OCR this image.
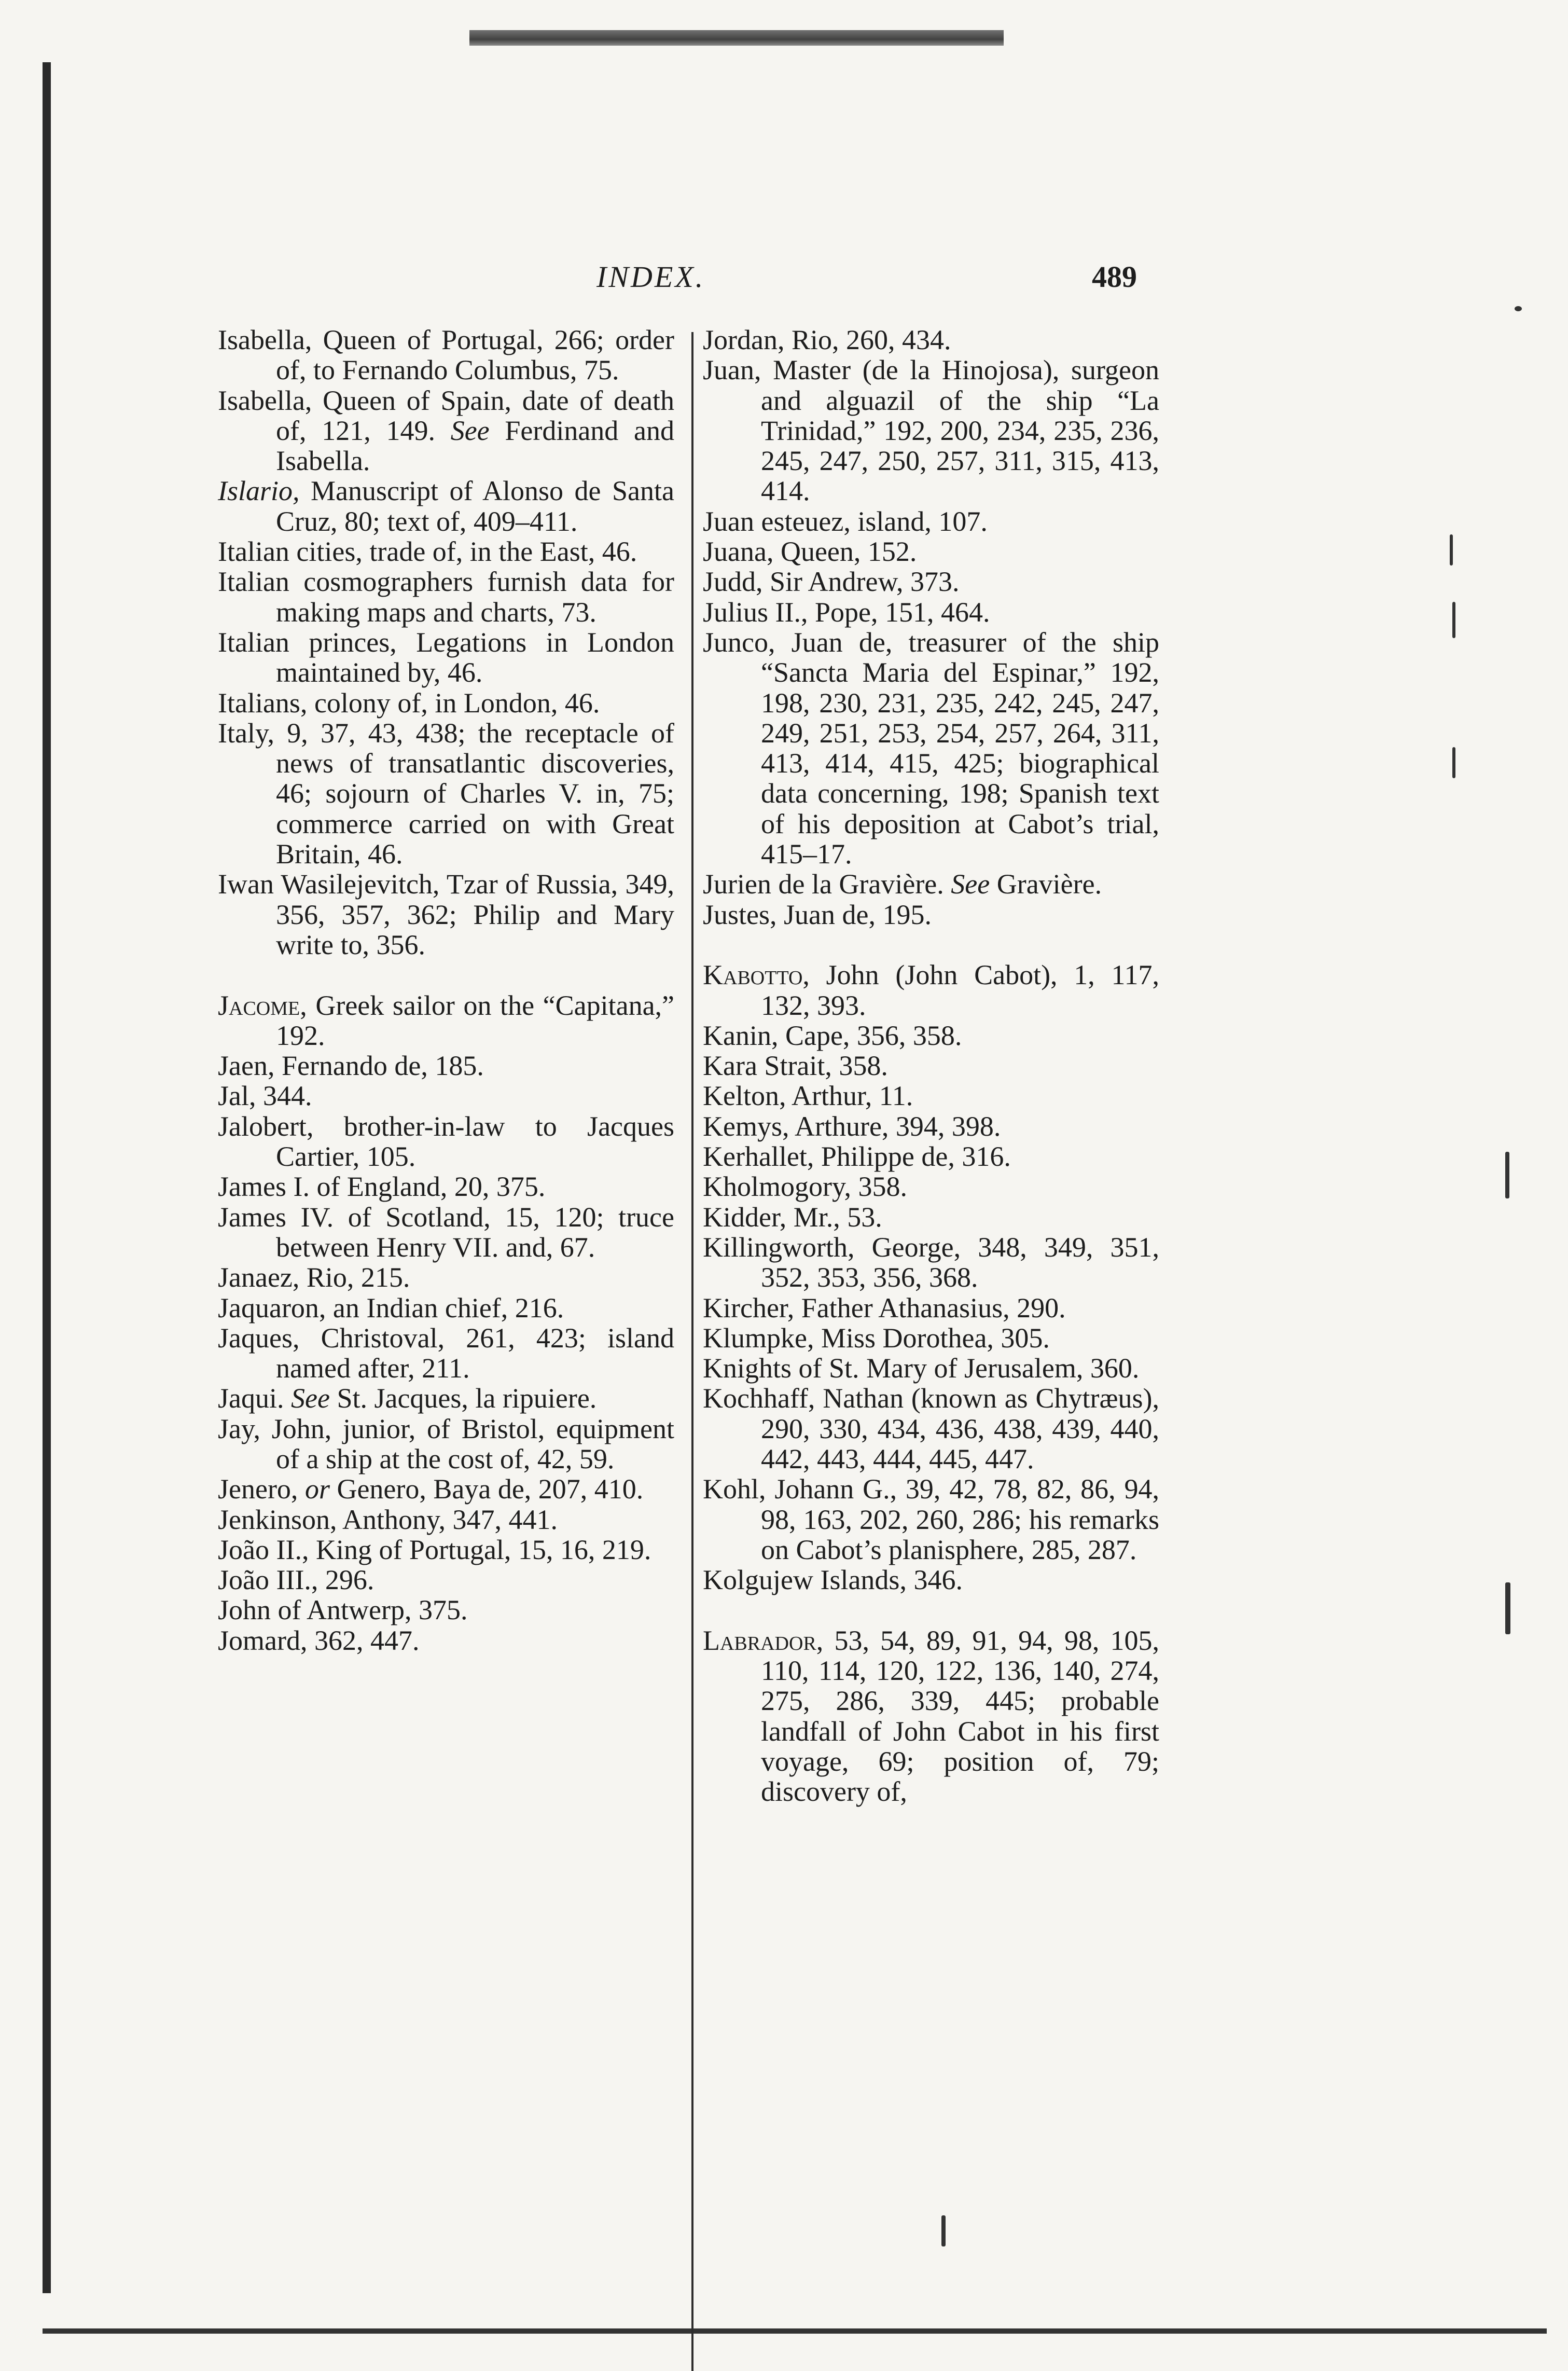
INDEX.	489

Isabella, Queen of Portugal, 266; order of, to Fernando Columbus, 75.

Isabella, Queen of Spain, date of death of, 121, 149. See Ferdinand and Isabella.

Islario, Manuscript of Alonso de Santa Cruz, 80; text of, 409–411.

Italian cities, trade of, in the East, 46.

Italian cosmographers furnish data for making maps and charts, 73.

Italian princes, Legations in London maintained by, 46.

Italians, colony of, in London, 46.

Italy, 9, 37, 43, 438; the receptacle of news of transatlantic discoveries, 46; sojourn of Charles V. in, 75; commerce carried on with Great Britain, 46.

Iwan Wasilejevitch, Tzar of Russia, 349, 356, 357, 362; Philip and Mary write to, 356.

Jacome, Greek sailor on the “Capitana,” 192.

Jaen, Fernando de, 185.

Jal, 344.

Jalobert, brother-in-law to Jacques Cartier, 105.

James I. of England, 20, 375.

James IV. of Scotland, 15, 120; truce between Henry VII. and, 67.

Janaez, Rio, 215.

Jaquaron, an Indian chief, 216.

Jaques, Christoval, 261, 423; island named after, 211.

Jaqui. See St. Jacques, la ripuiere.

Jay, John, junior, of Bristol, equipment of a ship at the cost of, 42, 59.

Jenero, or Genero, Baya de, 207, 410.

Jenkinson, Anthony, 347, 441.

João II., King of Portugal, 15, 16, 219.

João III., 296.

John of Antwerp, 375.

Jomard, 362, 447.

Jordan, Rio, 260, 434.

Juan, Master (de la Hinojosa), surgeon and alguazil of the ship “La Trinidad,” 192, 200, 234, 235, 236, 245, 247, 250, 257, 311, 315, 413, 414.

Juan esteuez, island, 107.

Juana, Queen, 152.

Judd, Sir Andrew, 373.

Julius II., Pope, 151, 464.

Junco, Juan de, treasurer of the ship “Sancta Maria del Espinar,” 192, 198, 230, 231, 235, 242, 245, 247, 249, 251, 253, 254, 257, 264, 311, 413, 414, 415, 425; biographical data concerning, 198; Spanish text of his deposition at Cabot’s trial, 415–17.

Jurien de la Gravière. See Gravière.

Justes, Juan de, 195.

Kabotto, John (John Cabot), 1, 117, 132, 393.

Kanin, Cape, 356, 358.

Kara Strait, 358.

Kelton, Arthur, 11.

Kemys, Arthure, 394, 398.

Kerhallet, Philippe de, 316.

Kholmogory, 358.

Kidder, Mr., 53.

Killingworth, George, 348, 349, 351, 352, 353, 356, 368.

Kircher, Father Athanasius, 290.

Klumpke, Miss Dorothea, 305.

Knights of St. Mary of Jerusalem, 360.

Kochhaff, Nathan (known as Chytræus), 290, 330, 434, 436, 438, 439, 440, 442, 443, 444, 445, 447.

Kohl, Johann G., 39, 42, 78, 82, 86, 94, 98, 163, 202, 260, 286; his remarks on Cabot’s planisphere, 285, 287.

Kolgujew Islands, 346.

Labrador, 53, 54, 89, 91, 94, 98, 105, 110, 114, 120, 122, 136, 140, 274, 275, 286, 339, 445; probable landfall of John Cabot in his first voyage, 69; position of, 79; discovery of,
